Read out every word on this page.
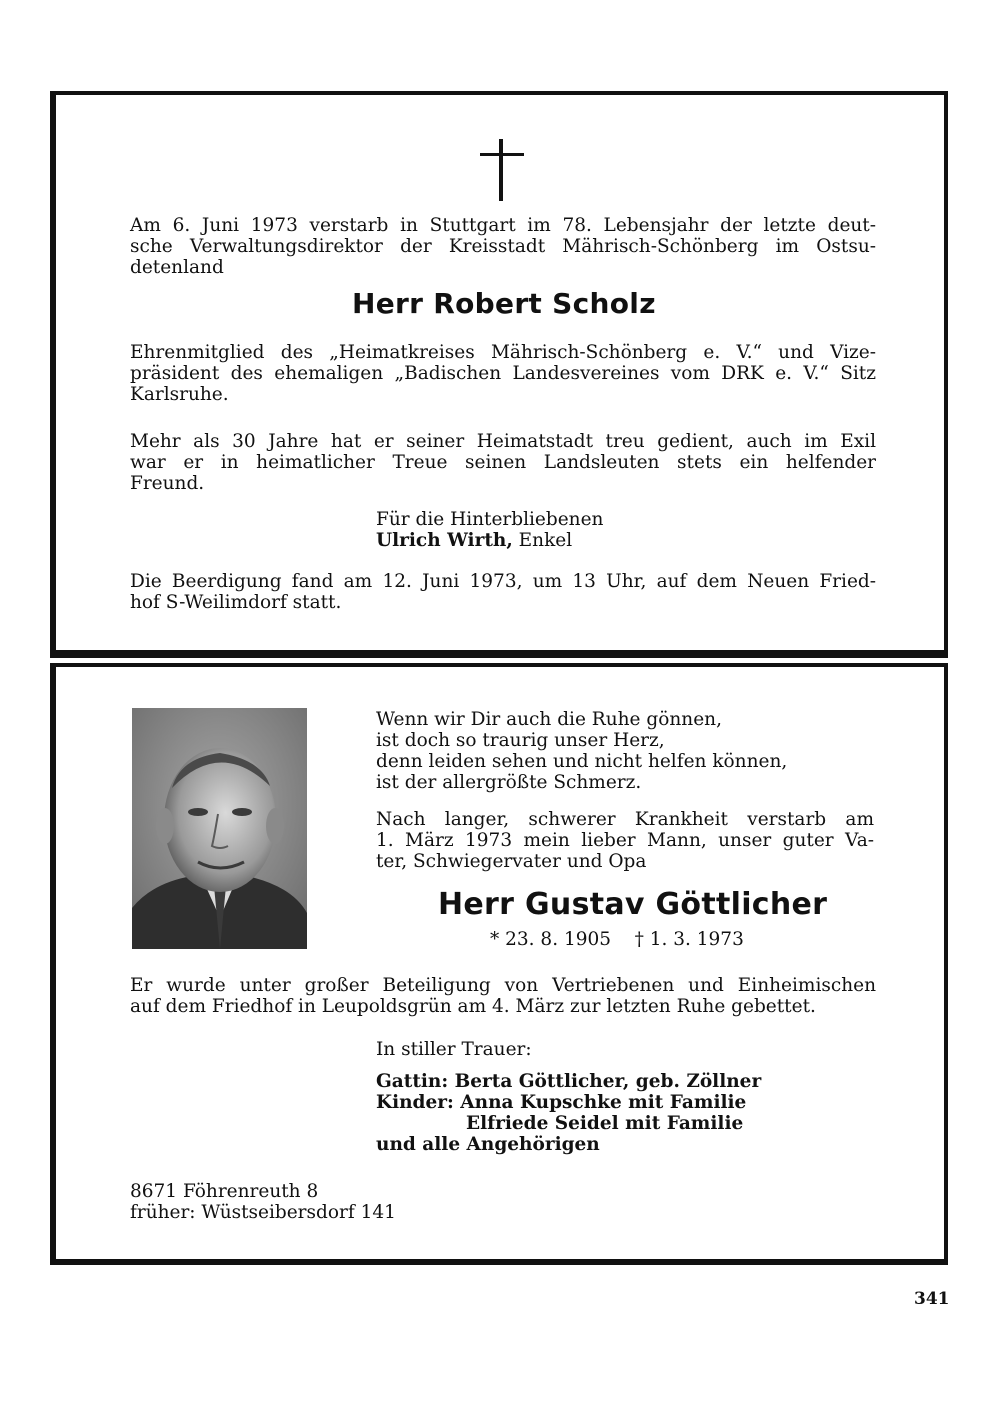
Am 6. Juni 1973 verstarb in Stuttgart im 78. Lebensjahr der letzte deut-
sche Verwaltungsdirektor der Kreisstadt Mährisch-Schönberg im Ostsu-
detenland
Herr Robert Scholz
Ehrenmitglied des „Heimatkreises Mährisch-Schönberg e. V.“ und Vize-
präsident des ehemaligen „Badischen Landesvereines vom DRK e. V.“ Sitz
Karlsruhe.
Mehr als 30 Jahre hat er seiner Heimatstadt treu gedient, auch im Exil
war er in heimatlicher Treue seinen Landsleuten stets ein helfender
Freund.
Für die Hinterbliebenen
Ulrich Wirth, Enkel
Die Beerdigung fand am 12. Juni 1973, um 13 Uhr, auf dem Neuen Fried-
hof S-Weilimdorf statt.
Wenn wir Dir auch die Ruhe gönnen,
ist doch so traurig unser Herz,
denn leiden sehen und nicht helfen können,
ist der allergrößte Schmerz.
Nach langer, schwerer Krankheit verstarb am
1. März 1973 mein lieber Mann, unser guter Va-
ter, Schwiegervater und Opa
Herr Gustav Göttlicher
* 23. 8. 1905 † 1. 3. 1973
Er wurde unter großer Beteiligung von Vertriebenen und Einheimischen
auf dem Friedhof in Leupoldsgrün am 4. März zur letzten Ruhe gebettet.
In stiller Trauer:
Gattin: Berta Göttlicher, geb. Zöllner
Kinder: Anna Kupschke mit Familie
Elfriede Seidel mit Familie
und alle Angehörigen
8671 Föhrenreuth 8
früher: Wüstseibersdorf 141
341
